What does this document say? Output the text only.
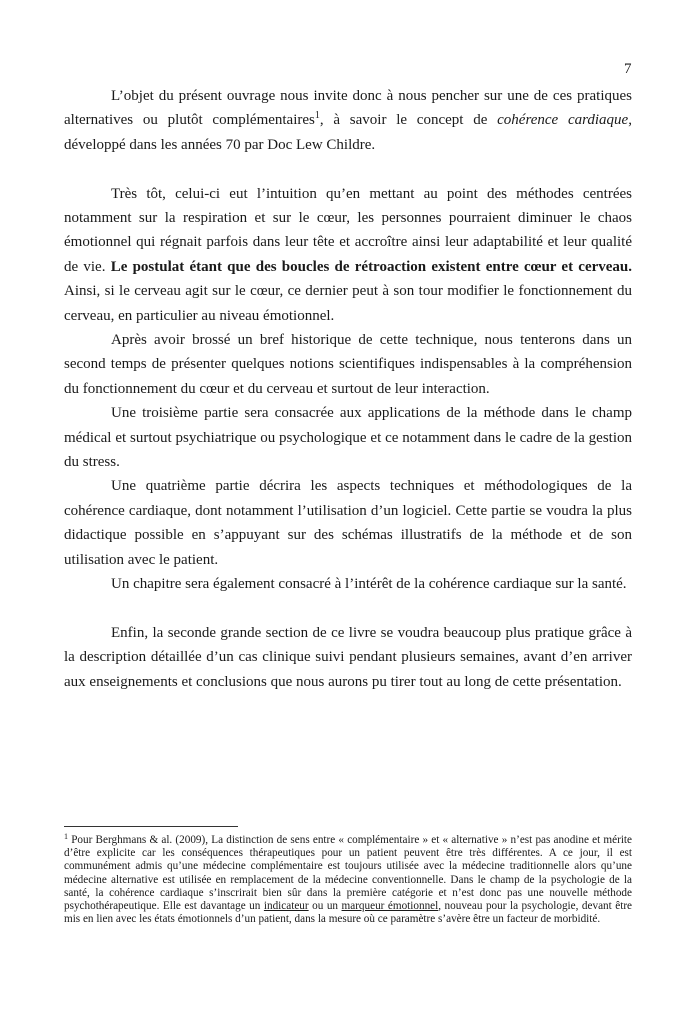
7

L’objet du présent ouvrage nous invite donc à nous pencher sur une de ces pratiques alternatives ou plutôt complémentaires$^1$, à savoir le concept de cohérence cardiaque, développé dans les années 70 par Doc Lew Childre.

Très tôt, celui-ci eut l’intuition qu’en mettant au point des méthodes centrées notamment sur la respiration et sur le cœur, les personnes pourraient diminuer le chaos émotionnel qui régnait parfois dans leur tête et accroître ainsi leur adaptabilité et leur qualité de vie. Le postulat étant que des boucles de rétroaction existent entre cœur et cerveau. Ainsi, si le cerveau agit sur le cœur, ce dernier peut à son tour modifier le fonctionnement du cerveau, en particulier au niveau émotionnel.

Après avoir brossé un bref historique de cette technique, nous tenterons dans un second temps de présenter quelques notions scientifiques indispensables à la compréhension du fonctionnement du cœur et du cerveau et surtout de leur interaction.

Une troisième partie sera consacrée aux applications de la méthode dans le champ médical et surtout psychiatrique ou psychologique et ce notamment dans le cadre de la gestion du stress.

Une quatrième partie décrira les aspects techniques et méthodologiques de la cohérence cardiaque, dont notamment l’utilisation d’un logiciel. Cette partie se voudra la plus didactique possible en s’appuyant sur des schémas illustratifs de la méthode et de son utilisation avec le patient.

Un chapitre sera également consacré à l’intérêt de la cohérence cardiaque sur la santé.

Enfin, la seconde grande section de ce livre se voudra beaucoup plus pratique grâce à la description détaillée d’un cas clinique suivi pendant plusieurs semaines, avant d’en arriver aux enseignements et conclusions que nous aurons pu tirer tout au long de cette présentation.

$^1$ Pour Berghmans & al. (2009), La distinction de sens entre « complémentaire » et « alternative » n’est pas anodine et mérite d’être explicite car les conséquences thérapeutiques pour un patient peuvent être très différentes. A ce jour, il est communément admis qu’une médecine complémentaire est toujours utilisée avec la médecine traditionnelle alors qu’une médecine alternative est utilisée en remplacement de la médecine conventionnelle. Dans le champ de la psychologie de la santé, la cohérence cardiaque s’inscrirait bien sûr dans la première catégorie et n’est donc pas une nouvelle méthode psychothérapeutique. Elle est davantage un indicateur ou un marqueur émotionnel, nouveau pour la psychologie, devant être mis en lien avec les états émotionnels d’un patient, dans la mesure où ce paramètre s’avère être un facteur de morbidité.
